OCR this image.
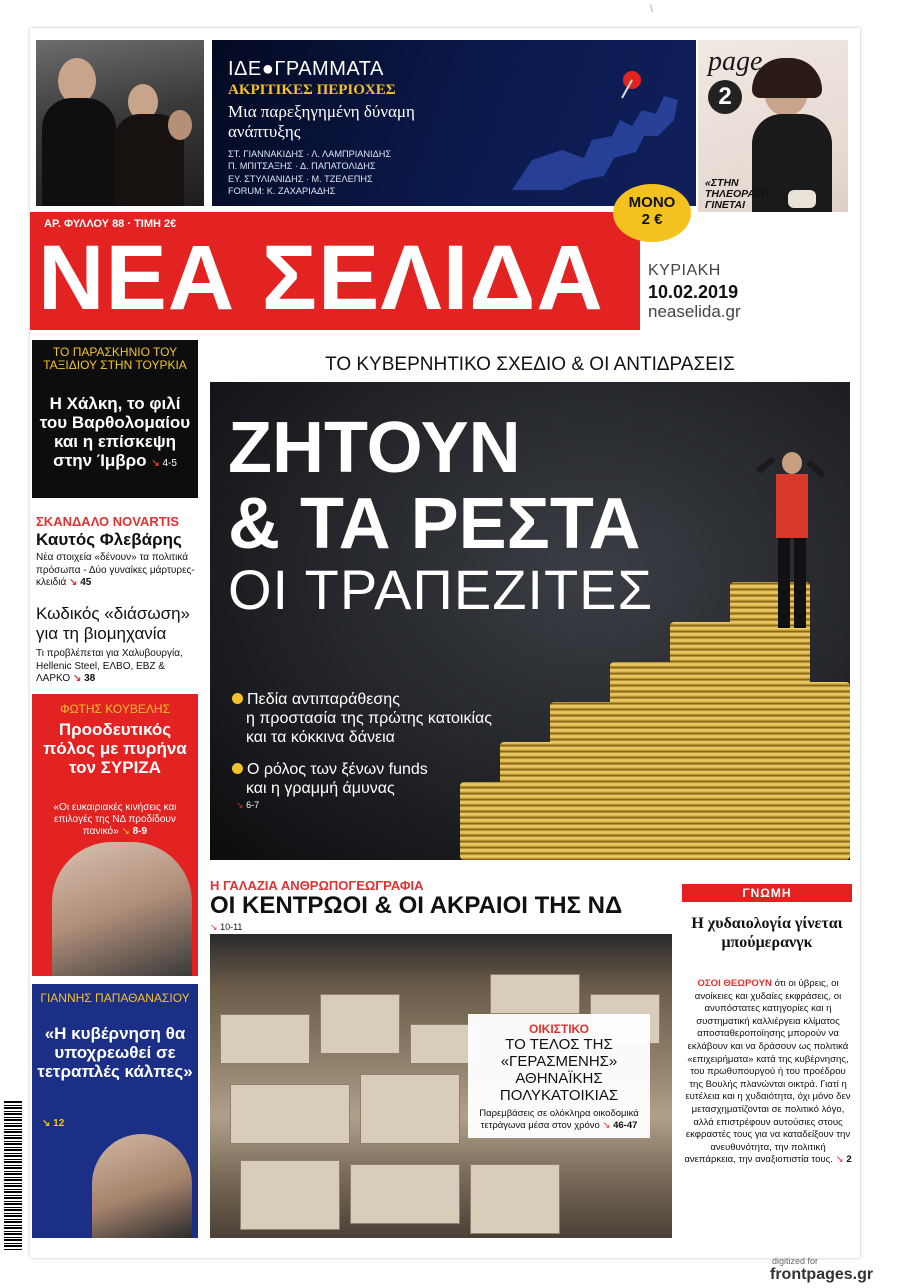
\
ΙΔΕ●ΓΡΑΜΜΑΤΑ
ΑΚΡΙΤΙΚΕΣ ΠΕΡΙΟΧΕΣ
Μια παρεξηγημένη δύναμη ανάπτυξης
ΣΤ. ΓΙΑΝΝΑΚΙΔΗΣ · Λ. ΛΑΜΠΡΙΑΝΙΔΗΣ
Π. ΜΠΙΤΣΑΞΗΣ · Δ. ΠΑΠΑΤΟΛΙΔΗΣ
ΕΥ. ΣΤΥΛΙΑΝΙΔΗΣ · Μ. ΤΖΕΛΕΠΗΣ
FORUM: Κ. ΖΑΧΑΡΙΑΔΗΣ
page
2
«ΣΤΗΝ ΤΗΛΕΟΡΑΣΗ ΓΙΝΕΤΑΙ
ΑΡ. ΦΥΛΛΟΥ 88 · ΤΙΜΗ 2€
ΝΕΑ ΣΕΛΙΔΑ
ΜΟΝΟ
2 €
ΚΥΡΙΑΚΗ
10.02.2019
neaselida.gr
ΤΟ ΠΑΡΑΣΚΗΝΙΟ ΤΟΥ ΤΑΞΙΔΙΟΥ ΣΤΗΝ ΤΟΥΡΚΙΑ
Η Χάλκη, το φιλί του Βαρθολομαίου και η επίσκεψη στην Ίμβρο ↘ 4-5
ΣΚΑΝΔΑΛΟ NOVARTIS
Καυτός Φλεβάρης
Νέα στοιχεία «δένουν» τα πολιτικά πρόσωπα - Δύο γυναίκες μάρτυρες-κλειδιά ↘ 45
Κωδικός «διάσωση» για τη βιομηχανία
Τι προβλέπεται για Χαλυβουργία, Hellenic Steel, ΕΛΒΟ, ΕΒΖ & ΛΑΡΚΟ ↘ 38
ΦΩΤΗΣ ΚΟΥΒΕΛΗΣ
Προοδευτικός πόλος με πυρήνα τον ΣΥΡΙΖΑ
«Οι ευκαιριακές κινήσεις και επιλογές της ΝΔ προδίδουν πανικό» ↘ 8-9
ΓΙΑΝΝΗΣ ΠΑΠΑΘΑΝΑΣΙΟΥ
«Η κυβέρνηση θα υποχρεωθεί σε τετραπλές κάλπες»
↘ 12
ΤΟ ΚΥΒΕΡΝΗΤΙΚΟ ΣΧΕΔΙΟ & ΟΙ ΑΝΤΙΔΡΑΣΕΙΣ
ΖΗΤΟΥΝ
& ΤΑ ΡΕΣΤΑ
ΟΙ ΤΡΑΠΕΖΙΤΕΣ
Πεδία αντιπαράθεσης
η προστασία της πρώτης κατοικίας
και τα κόκκινα δάνεια
Ο ρόλος των ξένων funds
και η γραμμή άμυνας
↘ 6-7
Η ΓΑΛΑΖΙΑ ΑΝΘΡΩΠΟΓΕΩΓΡΑΦΙΑ
ΟΙ ΚΕΝΤΡΩΟΙ & ΟΙ ΑΚΡΑΙΟΙ ΤΗΣ ΝΔ
↘ 10-11
ΟΙΚΙΣΤΙΚΟ
ΤΟ ΤΕΛΟΣ ΤΗΣ «ΓΕΡΑΣΜΕΝΗΣ» ΑΘΗΝΑΪΚΗΣ ΠΟΛΥΚΑΤΟΙΚΙΑΣ
Παρεμβάσεις σε ολόκληρα οικοδομικά τετράγωνα μέσα στον χρόνο ↘ 46-47
ΓΝΩΜΗ
Η χυδαιολογία γίνεται μπούμερανγκ
ΟΣΟΙ ΘΕΩΡΟΥΝ ότι οι ύβρεις, οι ανοίκειες και χυδαίες εκφράσεις, οι ανυπόστατες κατηγορίες και η συστηματική καλλιέργεια κλίματος αποσταθεροποίησης μπορούν να εκλάβουν και να δράσουν ως πολιτικά «επιχειρήματα» κατά της κυβέρνησης, του πρωθυπουργού ή του προέδρου της Βουλής πλανώνται οικτρά. Γιατί η ευτέλεια και η χυδαιότητα, όχι μόνο δεν μετασχηματίζονται σε πολιτικό λόγο, αλλά επιστρέφουν αυτούσιες στους εκφραστές τους για να καταδείξουν την ανευθυνότητα, την πολιτική ανεπάρκεια, την αναξιοπιστία τους. ↘ 2
digitized for
frontpages.gr
